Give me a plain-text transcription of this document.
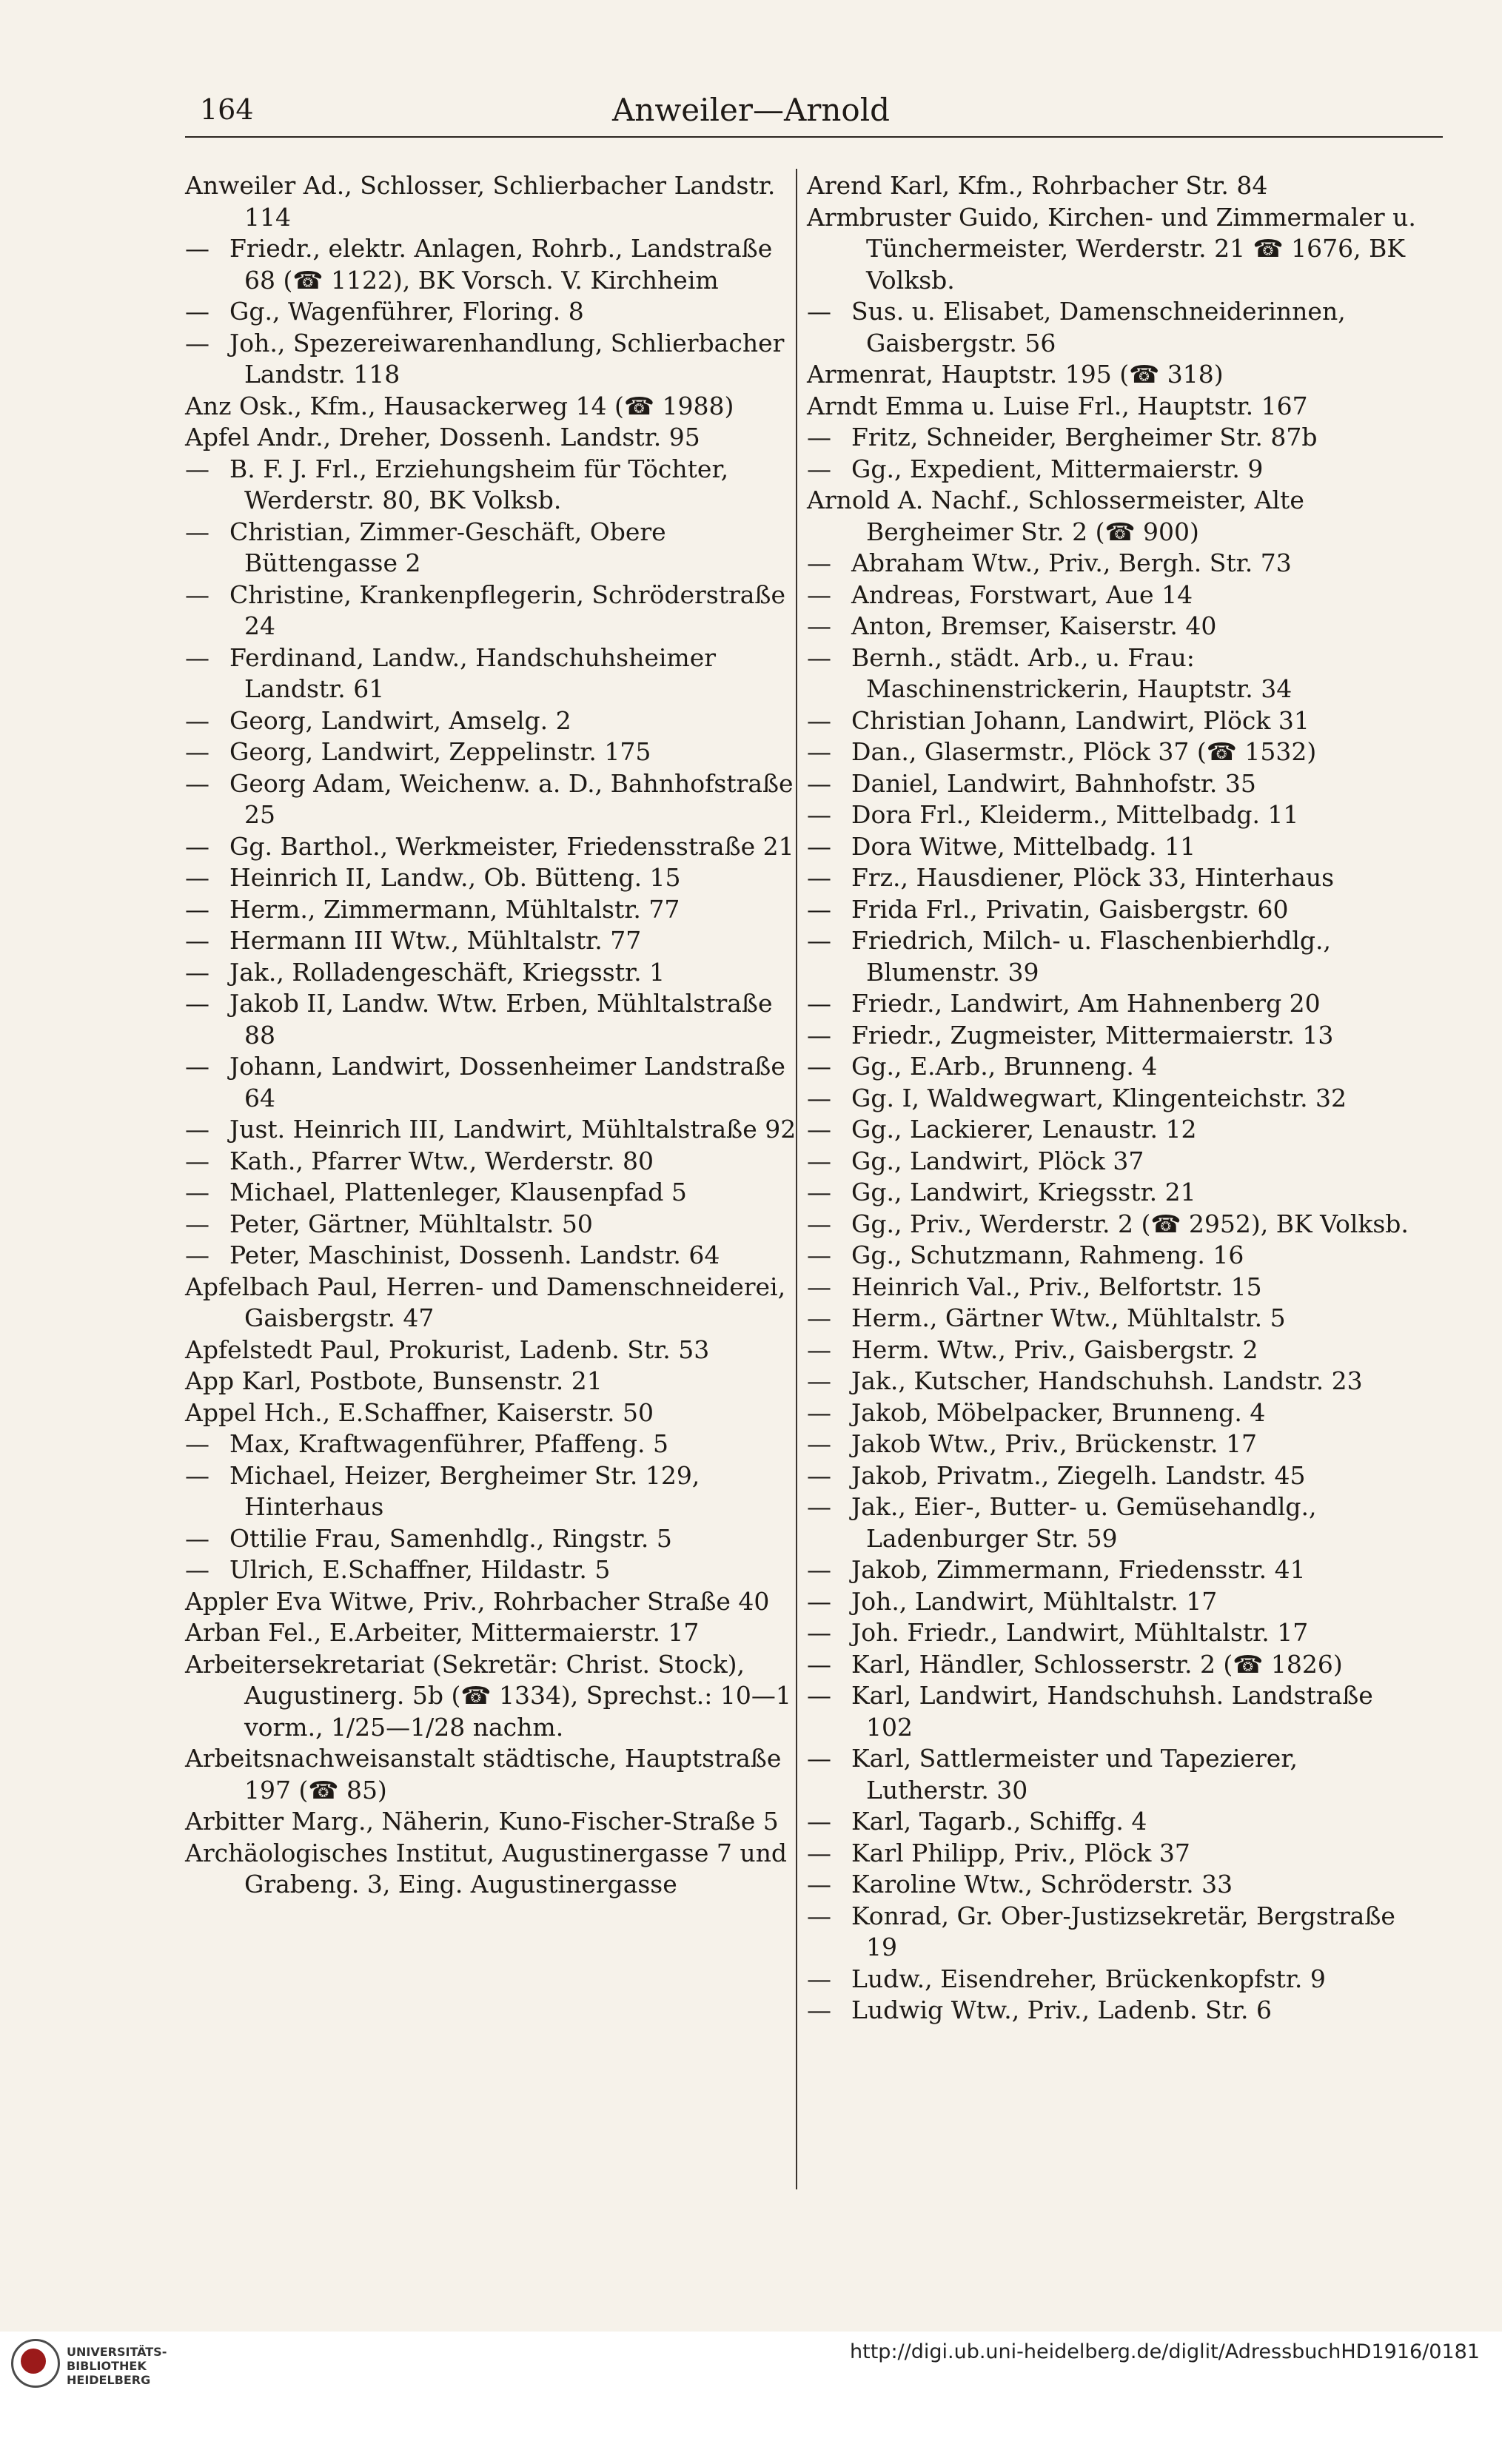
164	Anweiler—Arnold
Anweiler Ad., Schlosser, Schlierbacher Landstr. 114
— Friedr., elektr. Anlagen, Rohrb., Landstraße 68 (☎ 1122), BK Vorsch. V. Kirchheim
— Gg., Wagenführer, Floring. 8
— Joh., Spezereiwarenhandlung, Schlierbacher Landstr. 118
Anz Osk., Kfm., Hausackerweg 14 (☎ 1988)
Apfel Andr., Dreher, Dossenh. Landstr. 95
— B. F. J. Frl., Erziehungsheim für Töchter, Werderstr. 80, BK Volksb.
— Christian, Zimmer-Geschäft, Obere Büttengasse 2
— Christine, Krankenpflegerin, Schröderstraße 24
— Ferdinand, Landw., Handschuhsheimer Landstr. 61
— Georg, Landwirt, Amselg. 2
— Georg, Landwirt, Zeppelinstr. 175
— Georg Adam, Weichenw. a. D., Bahnhofstraße 25
— Gg. Barthol., Werkmeister, Friedensstraße 21
— Heinrich II, Landw., Ob. Bütteng. 15
— Herm., Zimmermann, Mühltalstr. 77
— Hermann III Wtw., Mühltalstr. 77
— Jak., Rolladengeschäft, Kriegsstr. 1
— Jakob II, Landw. Wtw. Erben, Mühltalstraße 88
— Johann, Landwirt, Dossenheimer Landstraße 64
— Just. Heinrich III, Landwirt, Mühltalstraße 92
— Kath., Pfarrer Wtw., Werderstr. 80
— Michael, Plattenleger, Klausenpfad 5
— Peter, Gärtner, Mühltalstr. 50
— Peter, Maschinist, Dossenh. Landstr. 64
Apfelbach Paul, Herren- und Damenschneiderei, Gaisbergstr. 47
Apfelstedt Paul, Prokurist, Ladenb. Str. 53
App Karl, Postbote, Bunsenstr. 21
Appel Hch., E.Schaffner, Kaiserstr. 50
— Max, Kraftwagenführer, Pfaffeng. 5
— Michael, Heizer, Bergheimer Str. 129, Hinterhaus
— Ottilie Frau, Samenhdlg., Ringstr. 5
— Ulrich, E.Schaffner, Hildastr. 5
Appler Eva Witwe, Priv., Rohrbacher Straße 40
Arban Fel., E.Arbeiter, Mittermaierstr. 17
Arbeitersekretariat (Sekretär: Christ. Stock), Augustinerg. 5b (☎ 1334), Sprechst.: 10—1 vorm., 1/25—1/28 nachm.
Arbeitsnachweisanstalt städtische, Hauptstraße 197 (☎ 85)
Arbitter Marg., Näherin, Kuno-Fischer-Straße 5
Archäologisches Institut, Augustinergasse 7 und Grabeng. 3, Eing. Augustinergasse
Arend Karl, Kfm., Rohrbacher Str. 84
Armbruster Guido, Kirchen- und Zimmermaler u. Tünchermeister, Werderstr. 21 ☎ 1676, BK Volksb.
— Sus. u. Elisabet, Damenschneiderinnen, Gaisbergstr. 56
Armenrat, Hauptstr. 195 (☎ 318)
Arndt Emma u. Luise Frl., Hauptstr. 167
— Fritz, Schneider, Bergheimer Str. 87b
— Gg., Expedient, Mittermaierstr. 9
Arnold A. Nachf., Schlossermeister, Alte Bergheimer Str. 2 (☎ 900)
— Abraham Wtw., Priv., Bergh. Str. 73
— Andreas, Forstwart, Aue 14
— Anton, Bremser, Kaiserstr. 40
— Bernh., städt. Arb., u. Frau: Maschinenstrickerin, Hauptstr. 34
— Christian Johann, Landwirt, Plöck 31
— Dan., Glasermstr., Plöck 37 (☎ 1532)
— Daniel, Landwirt, Bahnhofstr. 35
— Dora Frl., Kleiderm., Mittelbadg. 11
— Dora Witwe, Mittelbadg. 11
— Frz., Hausdiener, Plöck 33, Hinterhaus
— Frida Frl., Privatin, Gaisbergstr. 60
— Friedrich, Milch- u. Flaschenbierhdlg., Blumenstr. 39
— Friedr., Landwirt, Am Hahnenberg 20
— Friedr., Zugmeister, Mittermaierstr. 13
— Gg., E.Arb., Brunneng. 4
— Gg. I, Waldwegwart, Klingenteichstr. 32
— Gg., Lackierer, Lenaustr. 12
— Gg., Landwirt, Plöck 37
— Gg., Landwirt, Kriegsstr. 21
— Gg., Priv., Werderstr. 2 (☎ 2952), BK Volksb.
— Gg., Schutzmann, Rahmeng. 16
— Heinrich Val., Priv., Belfortstr. 15
— Herm., Gärtner Wtw., Mühltalstr. 5
— Herm. Wtw., Priv., Gaisbergstr. 2
— Jak., Kutscher, Handschuhsh. Landstr. 23
— Jakob, Möbelpacker, Brunneng. 4
— Jakob Wtw., Priv., Brückenstr. 17
— Jakob, Privatm., Ziegelh. Landstr. 45
— Jak., Eier-, Butter- u. Gemüsehandlg., Ladenburger Str. 59
— Jakob, Zimmermann, Friedensstr. 41
— Joh., Landwirt, Mühltalstr. 17
— Joh. Friedr., Landwirt, Mühltalstr. 17
— Karl, Händler, Schlosserstr. 2 (☎ 1826)
— Karl, Landwirt, Handschuhsh. Landstraße 102
— Karl, Sattlermeister und Tapezierer, Lutherstr. 30
— Karl, Tagarb., Schiffg. 4
— Karl Philipp, Priv., Plöck 37
— Karoline Wtw., Schröderstr. 33
— Konrad, Gr. Ober-Justizsekretär, Bergstraße 19
— Ludw., Eisendreher, Brückenkopfstr. 9
— Ludwig Wtw., Priv., Ladenb. Str. 6
UNIVERSITÄTS-
BIBLIOTHEK
HEIDELBERG
http://digi.ub.uni-heidelberg.de/diglit/AdressbuchHD1916/0181
